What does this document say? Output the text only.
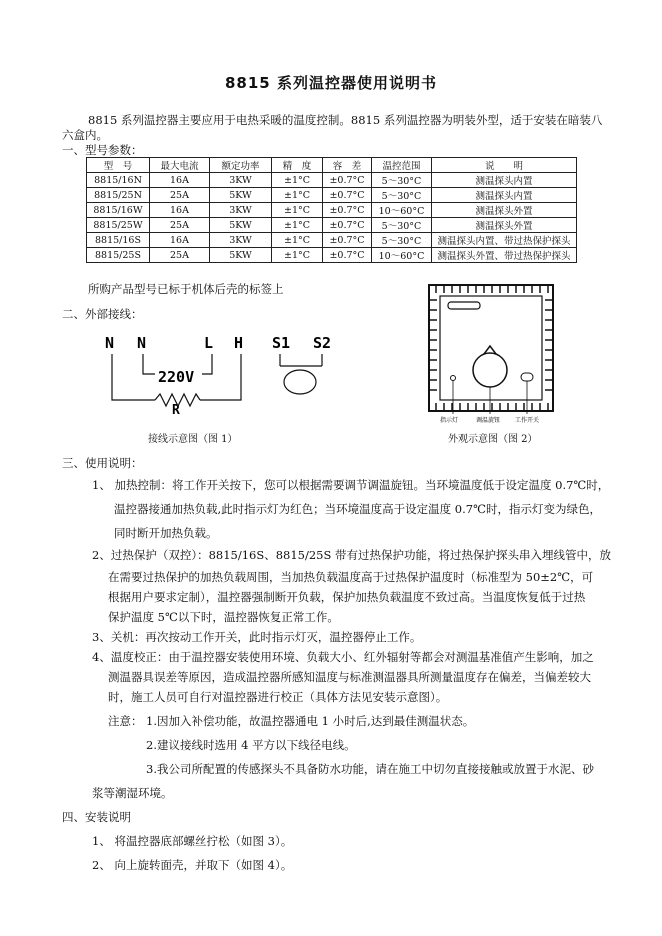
8815 系列温控器使用说明书
8815 系列温控器主要应用于电热采暖的温度控制。8815 系列温控器为明装外型，适于安装在暗装八
六盒内。
一、型号参数：
型　号	最大电流	额定功率	精　度	容　差	温控范围	说　　明
8815/16N	16A	3KW	±1°C	±0.7°C	5～30°C	测温探头内置
8815/25N	25A	5KW	±1°C	±0.7°C	5～30°C	测温探头内置
8815/16W	16A	3KW	±1°C	±0.7°C	10～60°C	测温探头外置
8815/25W	25A	5KW	±1°C	±0.7°C	5～30°C	测温探头外置
8815/16S	16A	3KW	±1°C	±0.7°C	5～30°C	测温探头内置、带过热保护探头
8815/25S	25A	5KW	±1°C	±0.7°C	10～60°C	测温探头外置、带过热保护探头
所购产品型号已标于机体后壳的标签上
二、外部接线：
N N	L H S1 S2
220V
R
接线示意图（图 1）
指示灯	调温旋钮 工作开关
外观示意图（图 2）
三、使用说明：
1、 加热控制：将工作开关按下，您可以根据需要调节调温旋钮。当环境温度低于设定温度 0.7℃时，
温控器接通加热负载,此时指示灯为红色；当环境温度高于设定温度 0.7℃时，指示灯变为绿色，
同时断开加热负载。
2、过热保护（双控）：8815/16S、8815/25S 带有过热保护功能，将过热保护探头串入埋线管中，放
在需要过热保护的加热负载周围，当加热负载温度高于过热保护温度时（标准型为 50±2℃，可
根据用户要求定制），温控器强制断开负载，保护加热负载温度不致过高。当温度恢复低于过热
保护温度 5℃以下时，温控器恢复正常工作。
3、关机：再次按动工作开关，此时指示灯灭，温控器停止工作。
4、温度校正：由于温控器安装使用环境、负载大小、红外辐射等都会对测温基准值产生影响，加之
测温器具误差等原因，造成温控器所感知温度与标准测温器具所测量温度存在偏差，当偏差较大
时，施工人员可自行对温控器进行校正（具体方法见安装示意图）。
注意： 1.因加入补偿功能，故温控器通电 1 小时后,达到最佳测温状态。
2.建议接线时选用 4 平方以下线径电线。
3.我公司所配置的传感探头不具备防水功能，请在施工中切勿直接接触或放置于水泥、砂
浆等潮湿环境。
四、安装说明
1、 将温控器底部螺丝拧松（如图 3）。
2、 向上旋转面壳，并取下（如图 4）。
